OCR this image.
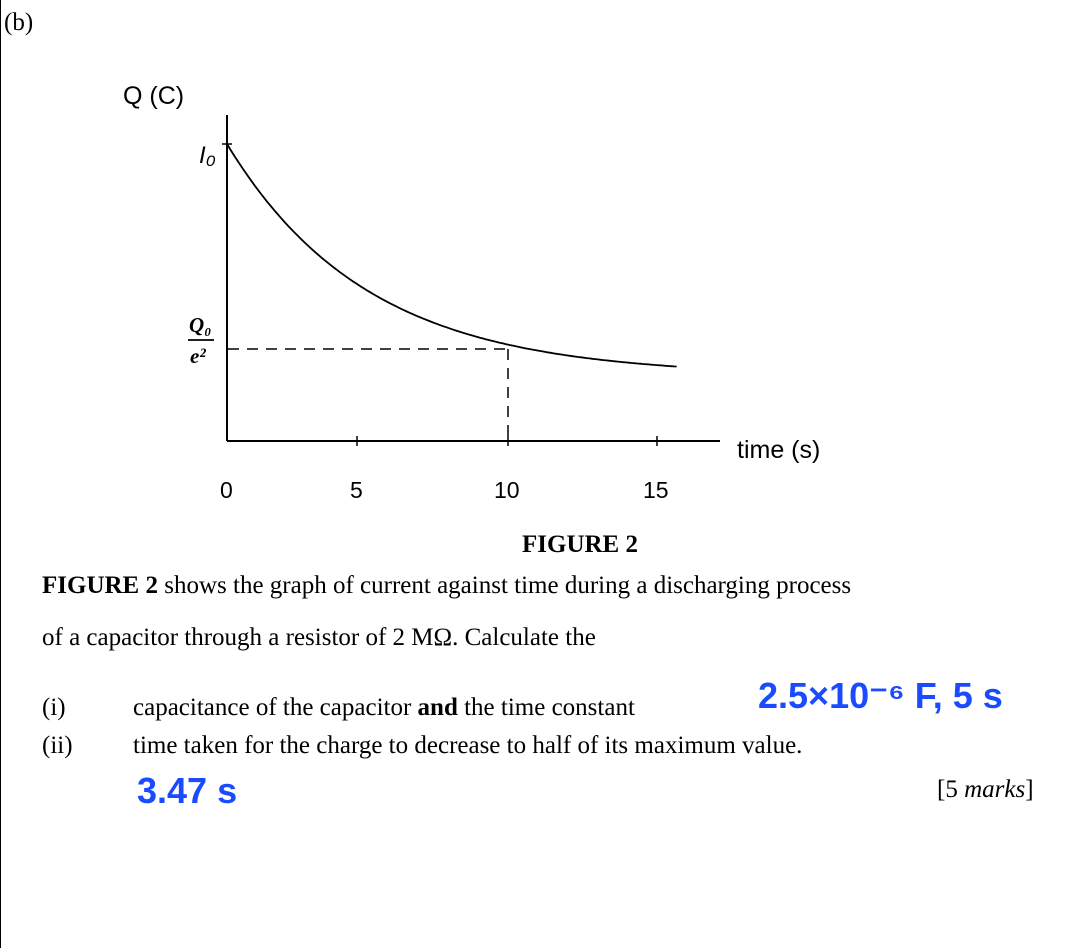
(b)
Q (C)
time (s)
I₀
Q₀
e²
0	5	10	15
FIGURE 2
FIGURE 2 shows the graph of current against time during a discharging process
of a capacitor through a resistor of 2 MΩ. Calculate the
(i)	capacitance of the capacitor and the time constant	2.5×10⁻⁶ F, 5 s
(ii) time taken for the charge to decrease to half of its maximum value.
3.47 s	[5 marks]
